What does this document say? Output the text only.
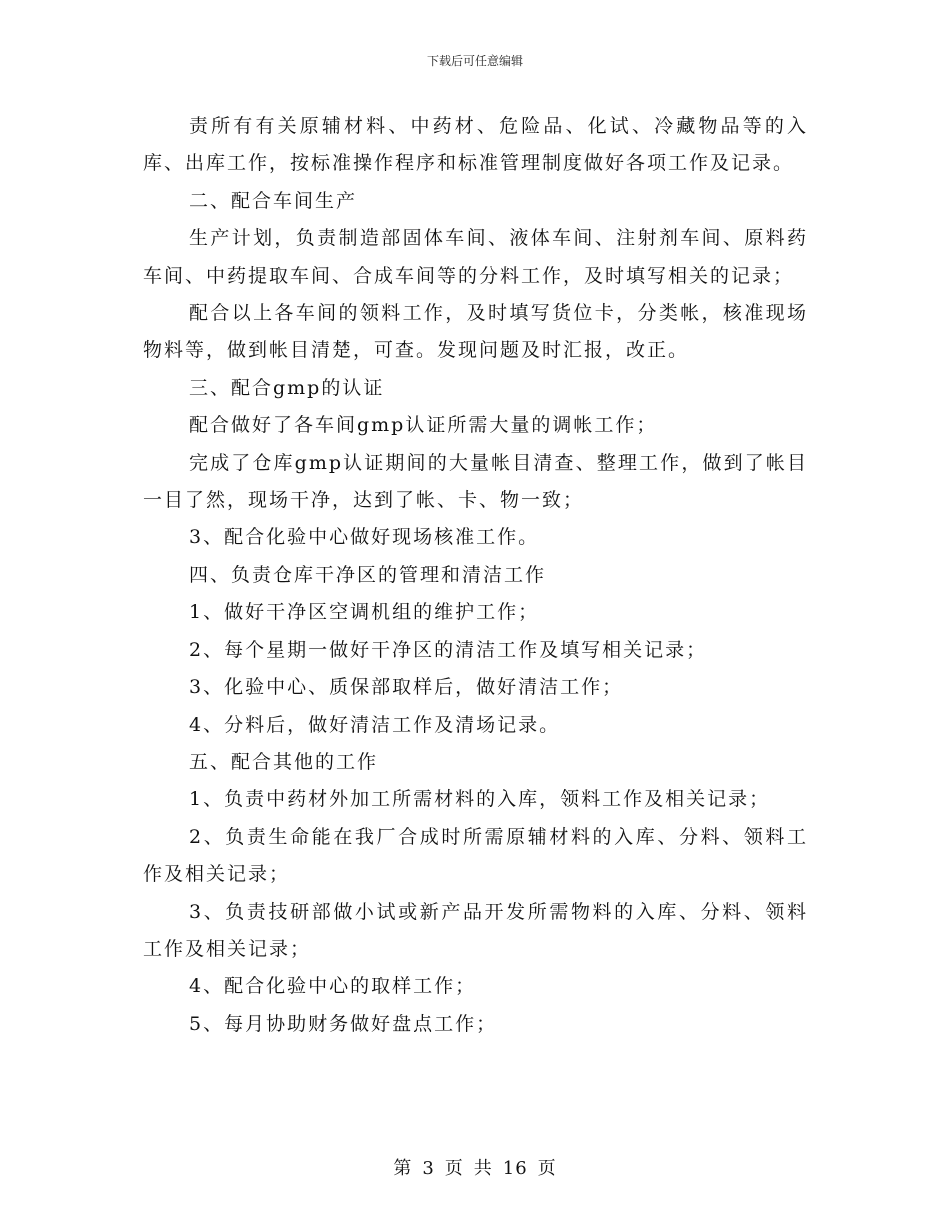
下载后可任意编辑

责所有有关原辅材料、中药材、危险品、化试、冷藏物品等的入库、出库工作，按标准操作程序和标准管理制度做好各项工作及记录。

二、配合车间生产

生产计划，负责制造部固体车间、液体车间、注射剂车间、原料药车间、中药提取车间、合成车间等的分料工作，及时填写相关的记录；

配合以上各车间的领料工作，及时填写货位卡，分类帐，核准现场物料等，做到帐目清楚，可查。发现问题及时汇报，改正。

三、配合gmp的认证

配合做好了各车间gmp认证所需大量的调帐工作；

完成了仓库gmp认证期间的大量帐目清查、整理工作，做到了帐目一目了然，现场干净，达到了帐、卡、物一致；

3、配合化验中心做好现场核准工作。

四、负责仓库干净区的管理和清洁工作

1、做好干净区空调机组的维护工作；

2、每个星期一做好干净区的清洁工作及填写相关记录；

3、化验中心、质保部取样后，做好清洁工作；

4、分料后，做好清洁工作及清场记录。

五、配合其他的工作

1、负责中药材外加工所需材料的入库，领料工作及相关记录；

2、负责生命能在我厂合成时所需原辅材料的入库、分料、领料工作及相关记录；

3、负责技研部做小试或新产品开发所需物料的入库、分料、领料工作及相关记录；

4、配合化验中心的取样工作；

5、每月协助财务做好盘点工作；

第 3 页 共 16 页
